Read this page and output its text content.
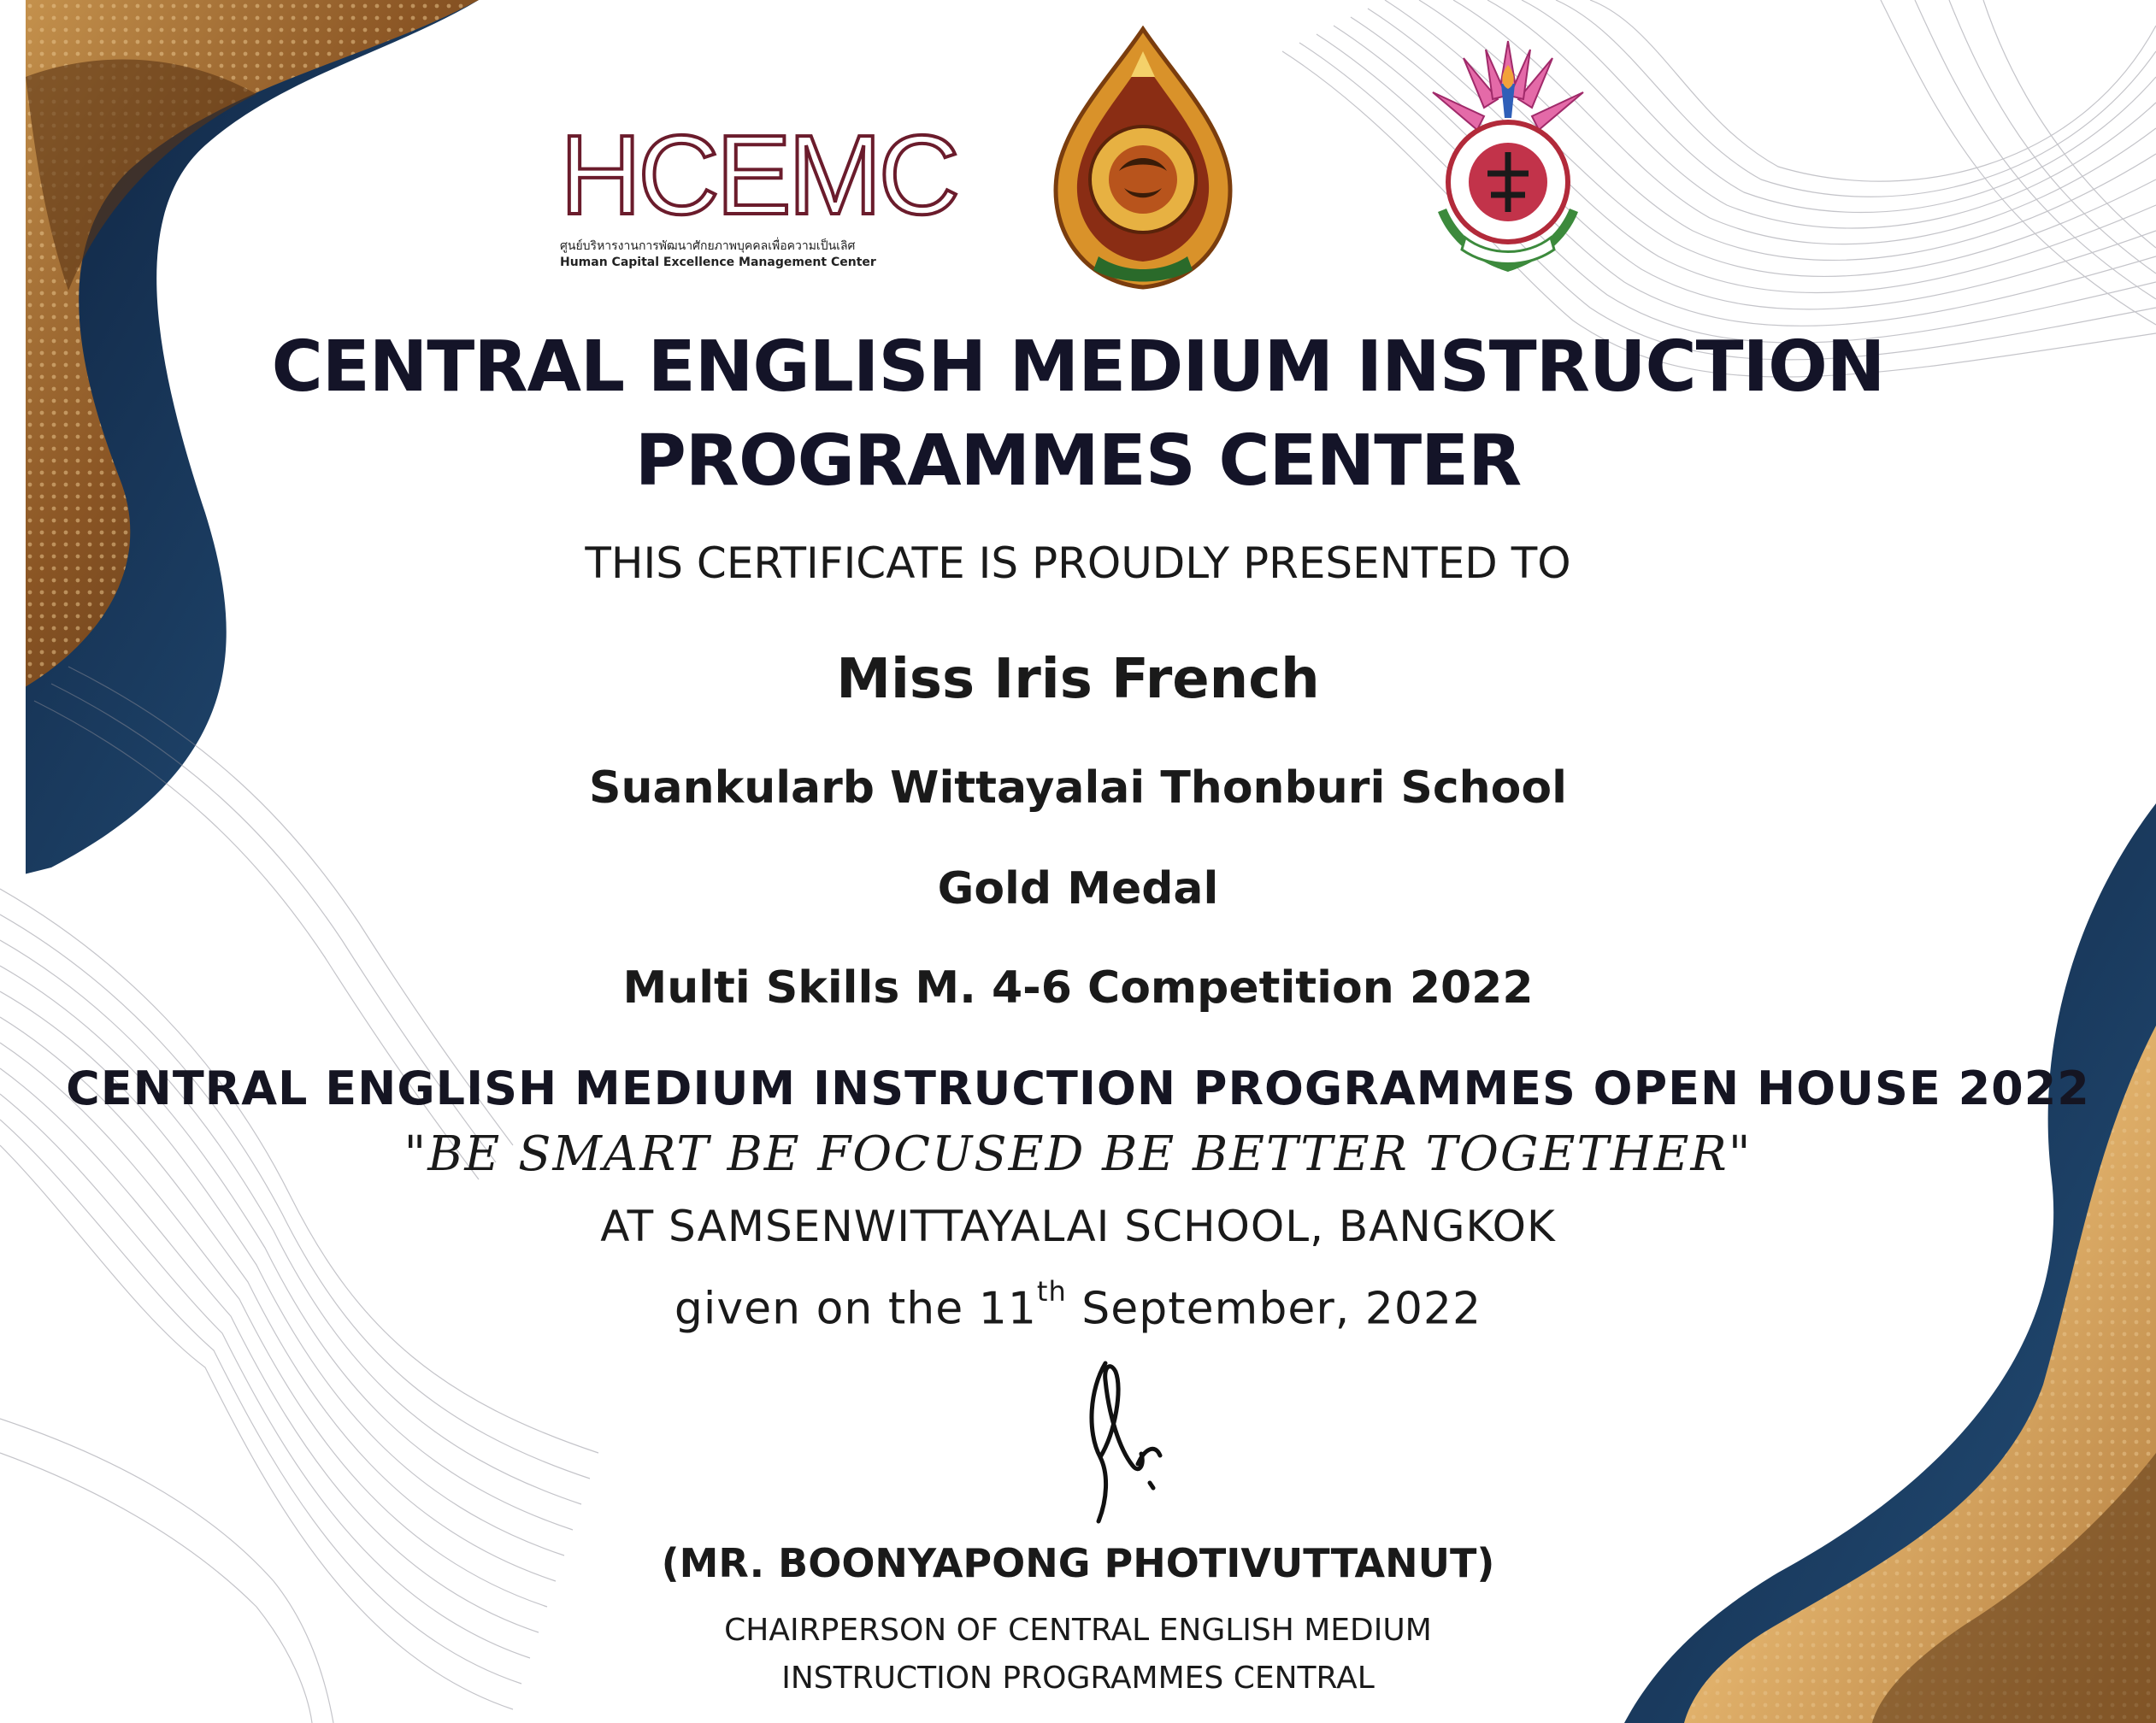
HCEMC
ศูนย์บริหารงานการพัฒนาศักยภาพบุคคลเพื่อความเป็นเลิศ
Human Capital Excellence Management Center
CENTRAL ENGLISH MEDIUM INSTRUCTION
PROGRAMMES CENTER
THIS CERTIFICATE IS PROUDLY PRESENTED TO
Miss Iris French
Suankularb Wittayalai Thonburi School
Gold Medal
Multi Skills M. 4-6 Competition 2022
CENTRAL ENGLISH MEDIUM INSTRUCTION PROGRAMMES OPEN HOUSE 2022
"BE SMART BE FOCUSED BE BETTER TOGETHER"
AT SAMSENWITTAYALAI SCHOOL, BANGKOK
given on the 11th September, 2022
(MR. BOONYAPONG PHOTIVUTTANUT)
CHAIRPERSON OF CENTRAL ENGLISH MEDIUM
INSTRUCTION PROGRAMMES CENTRAL
